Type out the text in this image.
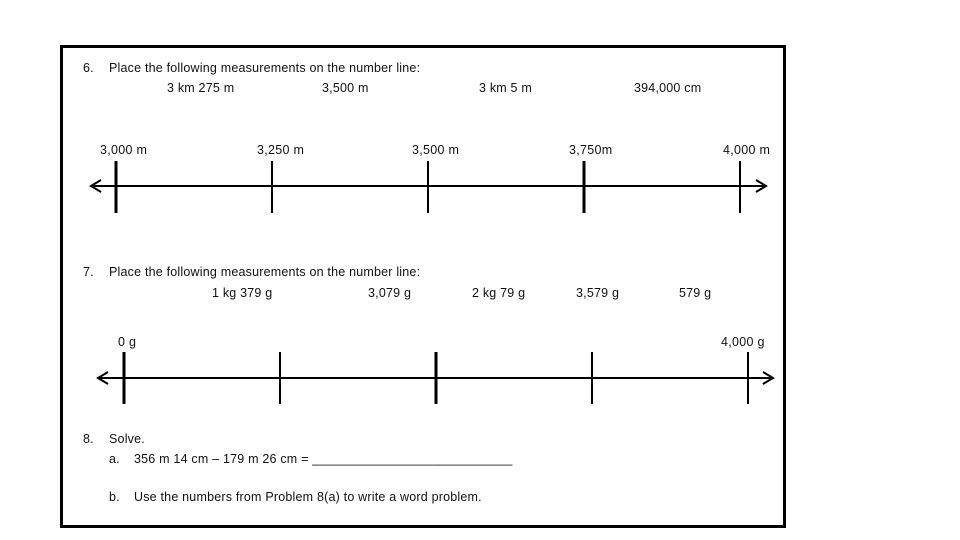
6. Place the following measurements on the number line:
3 km 275 m	3,500 m	3 km 5 m	394,000 cm
3,000 m	3,250 m	3,500 m	3,750m	4,000 m
7. Place the following measurements on the number line:
1 kg 379 g	3,079 g	2 kg 79 g	3,579 g	579 g
0 g	4,000 g
8. Solve.
a. 356 m 14 cm – 179 m 26 cm = ____________________________
b. Use the numbers from Problem 8(a) to write a word problem.
